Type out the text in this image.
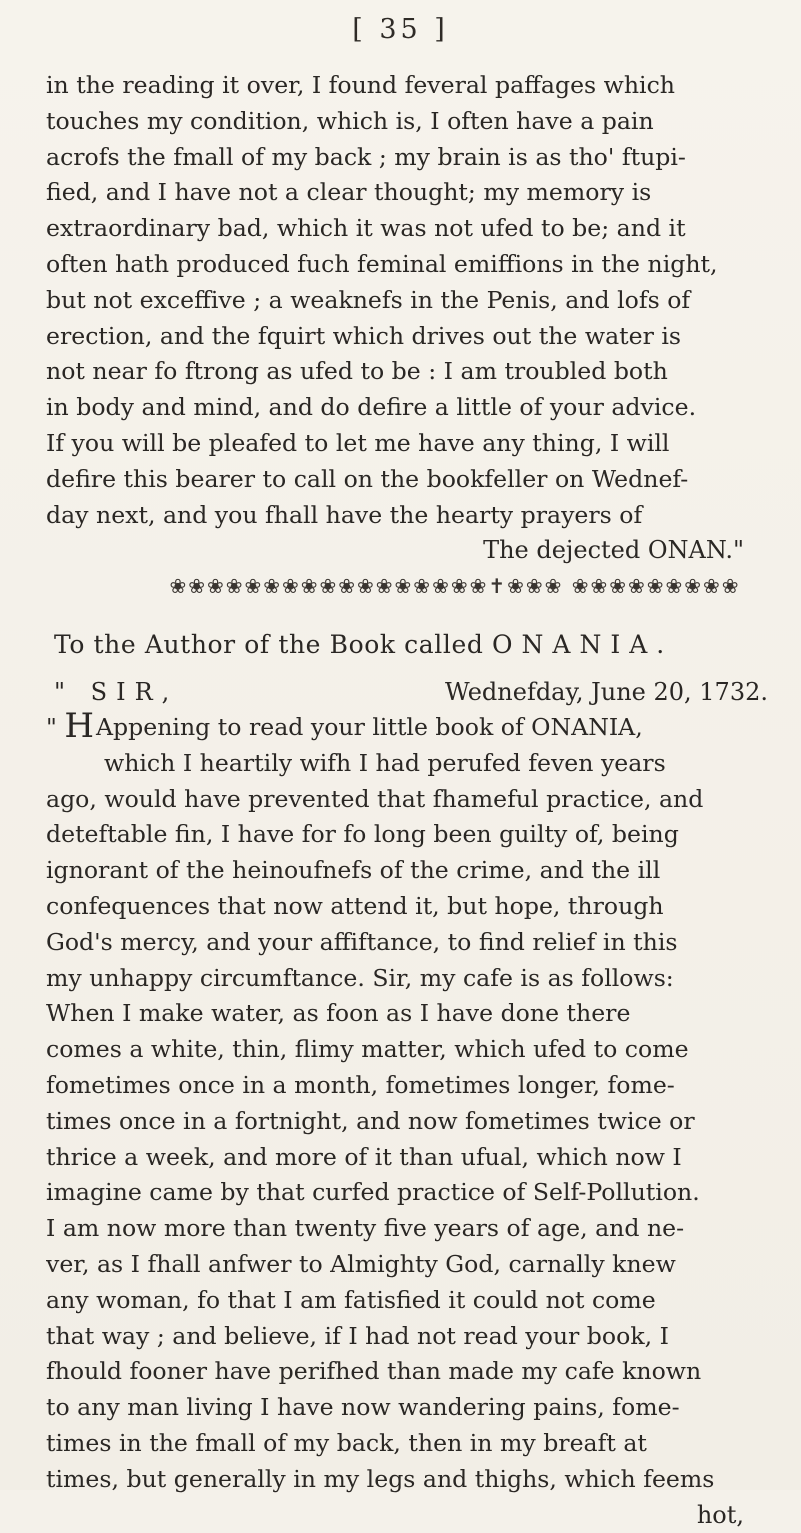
[ 35 ]
in the reading it over, I found feveral paffages which
touches my condition, which is, I often have a pain
acrofs the fmall of my back ; my brain is as tho' ftupi-
fied, and I have not a clear thought; my memory is
extraordinary bad, which it was not ufed to be; and it
often hath produced fuch feminal emiffions in the night,
but not exceffive ; a weaknefs in the Penis, and lofs of
erection, and the fquirt which drives out the water is
not near fo ftrong as ufed to be : I am troubled both
in body and mind, and do defire a little of your advice.
If you will be pleafed to let me have any thing, I will
defire this bearer to call on the bookfeller on Wednef-
day next, and you fhall have the hearty prayers of
The dejected ONAN."
❀❀❀❀❀❀❀❀❀❀❀❀❀❀❀❀❀✝❀❀❀ ❀❀❀❀❀❀❀❀❀
To the Author of the Book called ONANIA.
" SIR,	Wednefday, June 20, 1732.
" HAppening to read your little book of ONANIA,
which I heartily wifh I had perufed feven years
ago, would have prevented that fhameful practice, and
deteftable fin, I have for fo long been guilty of, being
ignorant of the heinoufnefs of the crime, and the ill
confequences that now attend it, but hope, through
God's mercy, and your affiftance, to find relief in this
my unhappy circumftance. Sir, my cafe is as follows:
When I make water, as foon as I have done there
comes a white, thin, flimy matter, which ufed to come
fometimes once in a month, fometimes longer, fome-
times once in a fortnight, and now fometimes twice or
thrice a week, and more of it than ufual, which now I
imagine came by that curfed practice of Self-Pollution.
I am now more than twenty five years of age, and ne-
ver, as I fhall anfwer to Almighty God, carnally knew
any woman, fo that I am fatisfied it could not come
that way ; and believe, if I had not read your book, I
fhould fooner have perifhed than made my cafe known
to any man living I have now wandering pains, fome-
times in the fmall of my back, then in my breaft at
times, but generally in my legs and thighs, which feems
hot,
